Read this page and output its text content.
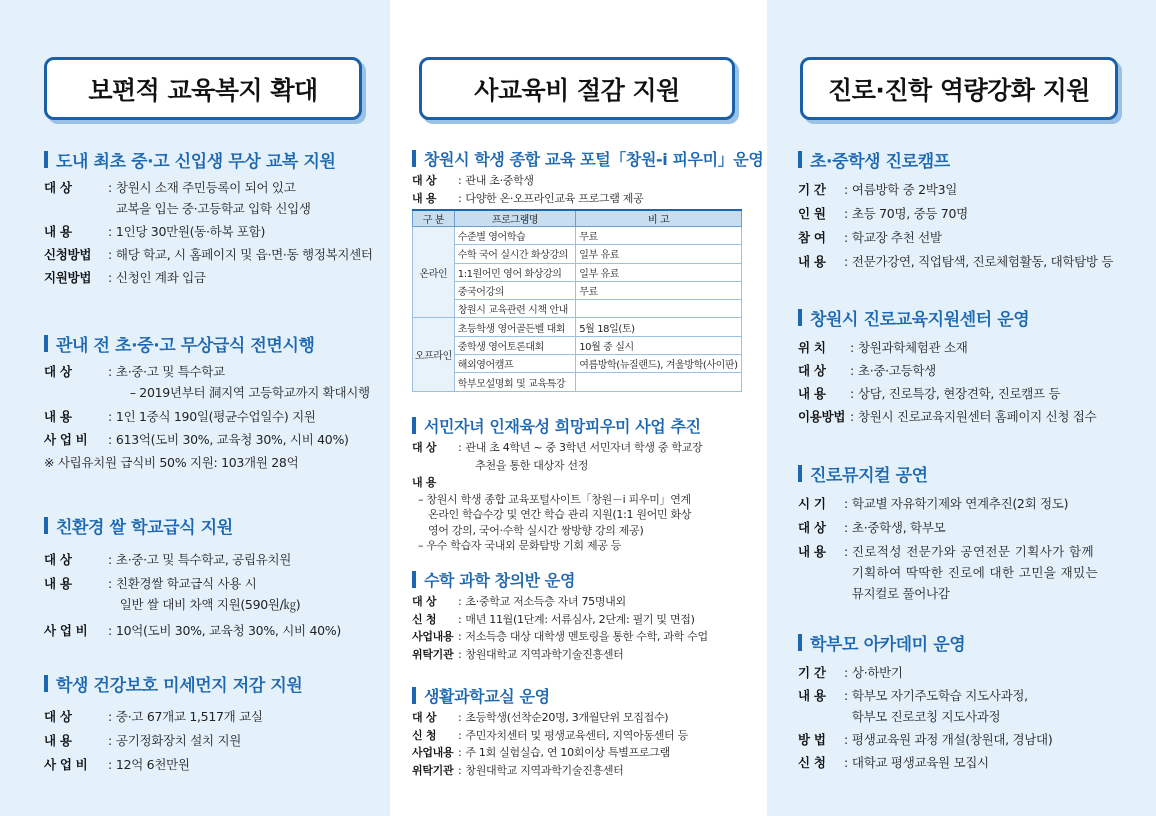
보편적 교육복지 확대
도내 최초 중·고 신입생 무상 교복 지원
대 상	: 창원시 소재 주민등록이 되어 있고

교복을 입는 중·고등학교 입학 신입생
내 용	: 1인당 30만원(동·하복 포함)
신청방법	: 해당 학교, 시 홈페이지 및 읍·면·동 행정복지센터
지원방법	: 신청인 계좌 입금
관내 전 초·중·고 무상급식 전면시행
대 상	: 초·중·고 및 특수학교

– 2019년부터 洞지역 고등학교까지 확대시행
내 용	: 1인 1중식 190일(평균수업일수) 지원
사 업 비	: 613억(도비 30%, 교육청 30%, 시비 40%)
※ 사립유치원 급식비 50% 지원: 103개원 28억
친환경 쌀 학교급식 지원
대 상	: 초·중·고 및 특수학교, 공립유치원
내 용	: 친환경쌀 학교급식 사용 시

일반 쌀 대비 차액 지원(590원/㎏)
사 업 비	: 10억(도비 30%, 교육청 30%, 시비 40%)
학생 건강보호 미세먼지 저감 지원
대 상	: 중·고 67개교 1,517개 교실
내 용	: 공기정화장치 설치 지원
사 업 비	: 12억 6천만원
사교육비 절감 지원
창원시 학생 종합 교육 포털「창원-i 피우미」운영
대 상	: 관내 초·중학생
내 용	: 다양한 온·오프라인교육 프로그램 제공
구 분	프로그램명	비 고
온라인	수준별 영어학습	무료
	수학 국어 실시간 화상강의	일부 유료
	1:1원어민 영어 화상강의	일부 유료
	중국어강의	무료
	창원시 교육관련 시책 안내	
오프라인	초등학생 영어골든벨 대회	5월 18일(토)
	중학생 영어토론대회	10월 중 실시
	해외영어캠프	여름방학(뉴질랜드), 겨울방학(사이판)
	학부모설명회 및 교육특강	
서민자녀 인재육성 희망피우미 사업 추진
대 상	: 관내 초 4학년 ~ 중 3학년 서민자녀 학생 중 학교장

추천을 통한 대상자 선정
내 용
– 창원시 학생 종합 교육포털사이트「창원－i 피우미」연계
온라인 학습수강 및 연간 학습 관리 지원(1:1 원어민 화상
영어 강의, 국어·수학 실시간 쌍방향 강의 제공)
– 우수 학습자 국내외 문화탐방 기회 제공 등
수학 과학 창의반 운영
대 상	: 초·중학교 저소득층 자녀 75명내외
신 청	: 매년 11월(1단계: 서류심사, 2단계: 필기 및 면접)
사업내용 : 저소득층 대상 대학생 멘토링을 통한 수학, 과학 수업
위탁기관 : 창원대학교 지역과학기술진흥센터
생활과학교실 운영
대 상	: 초등학생(선착순20명, 3개월단위 모집접수)
신 청	: 주민자치센터 및 평생교육센터, 지역아동센터 등
사업내용 : 주 1회 실험실습, 연 10회이상 특별프로그램
위탁기관 : 창원대학교 지역과학기술진흥센터
진로·진학 역량강화 지원
초·중학생 진로캠프
기 간	: 여름방학 중 2박3일
인 원	: 초등 70명, 중등 70명
참 여	: 학교장 추천 선발
내 용	: 전문가강연, 직업탐색, 진로체험활동, 대학탐방 등
창원시 진로교육지원센터 운영
위 치	: 창원과학체험관 소재
대 상	: 초·중·고등학생
내 용	: 상담, 진로특강, 현장견학, 진로캠프 등
이용방법 : 창원시 진로교육지원센터 홈페이지 신청 접수
진로뮤지컬 공연
시 기	: 학교별 자유학기제와 연계추진(2회 정도)
대 상	: 초·중학생, 학부모
내 용	: 진로적성 전문가와 공연전문 기획사가 함께

기획하여 딱딱한 진로에 대한 고민을 재밌는

뮤지컬로 풀어나감
학부모 아카데미 운영
기 간	: 상·하반기
내 용	: 학부모 자기주도학습 지도사과정,

학부모 진로코칭 지도사과정
방 법	: 평생교육원 과정 개설(창원대, 경남대)
신 청	: 대학교 평생교육원 모집시
